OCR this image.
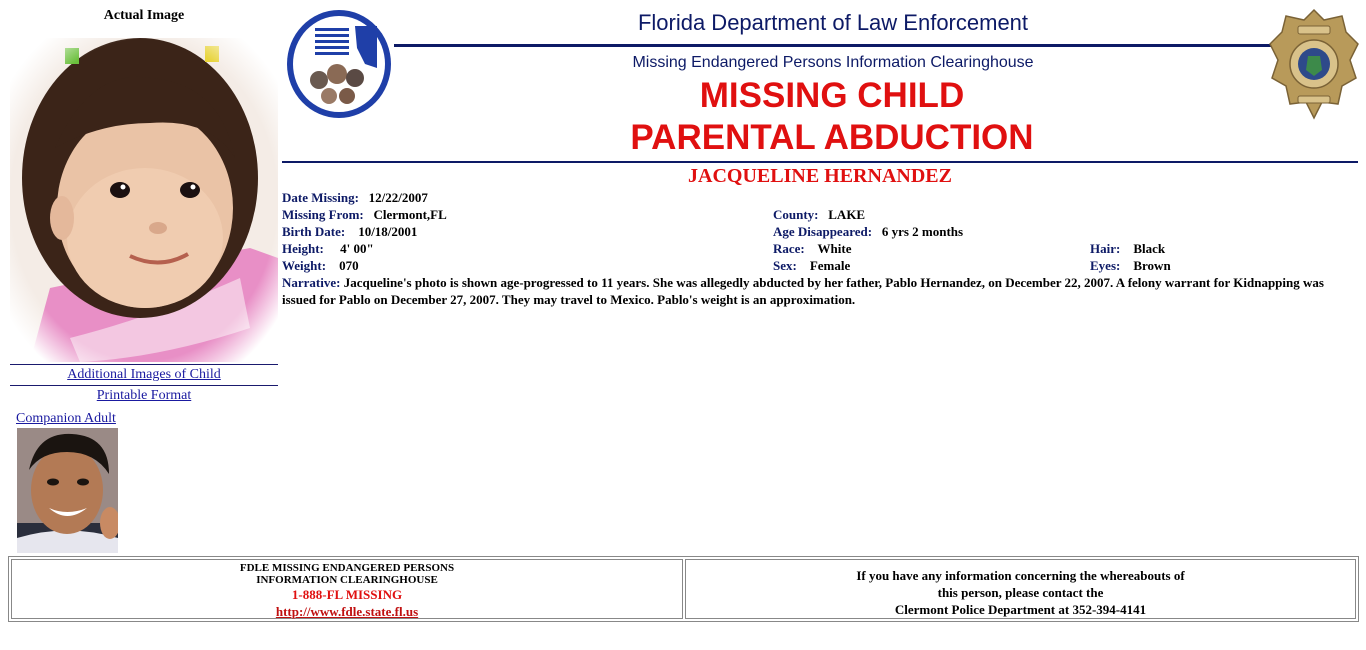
Actual Image
Additional Images of Child
Printable Format
Companion Adult
Florida Department of Law Enforcement
Missing Endangered Persons Information Clearinghouse
MISSING CHILD
PARENTAL ABDUCTION
JACQUELINE HERNANDEZ
Date Missing: 12/22/2007
Missing From: Clermont,FL	County: LAKE
Birth Date: 10/18/2001	Age Disappeared: 6 yrs 2 months
Height: 4' 00"	Race: White	Hair: Black
Weight: 070	Sex: Female	Eyes: Brown
Narrative: Jacqueline's photo is shown age-progressed to 11 years. She was allegedly abducted by her father, Pablo Hernandez, on December 22, 2007. A felony warrant for Kidnapping was issued for Pablo on December 27, 2007. They may travel to Mexico. Pablo's weight is an approximation.
FDLE MISSING ENDANGERED PERSONS
INFORMATION CLEARINGHOUSE
1-888-FL MISSING
http://www.fdle.state.fl.us
If you have any information concerning the whereabouts of
this person, please contact the
Clermont Police Department at 352-394-4141
